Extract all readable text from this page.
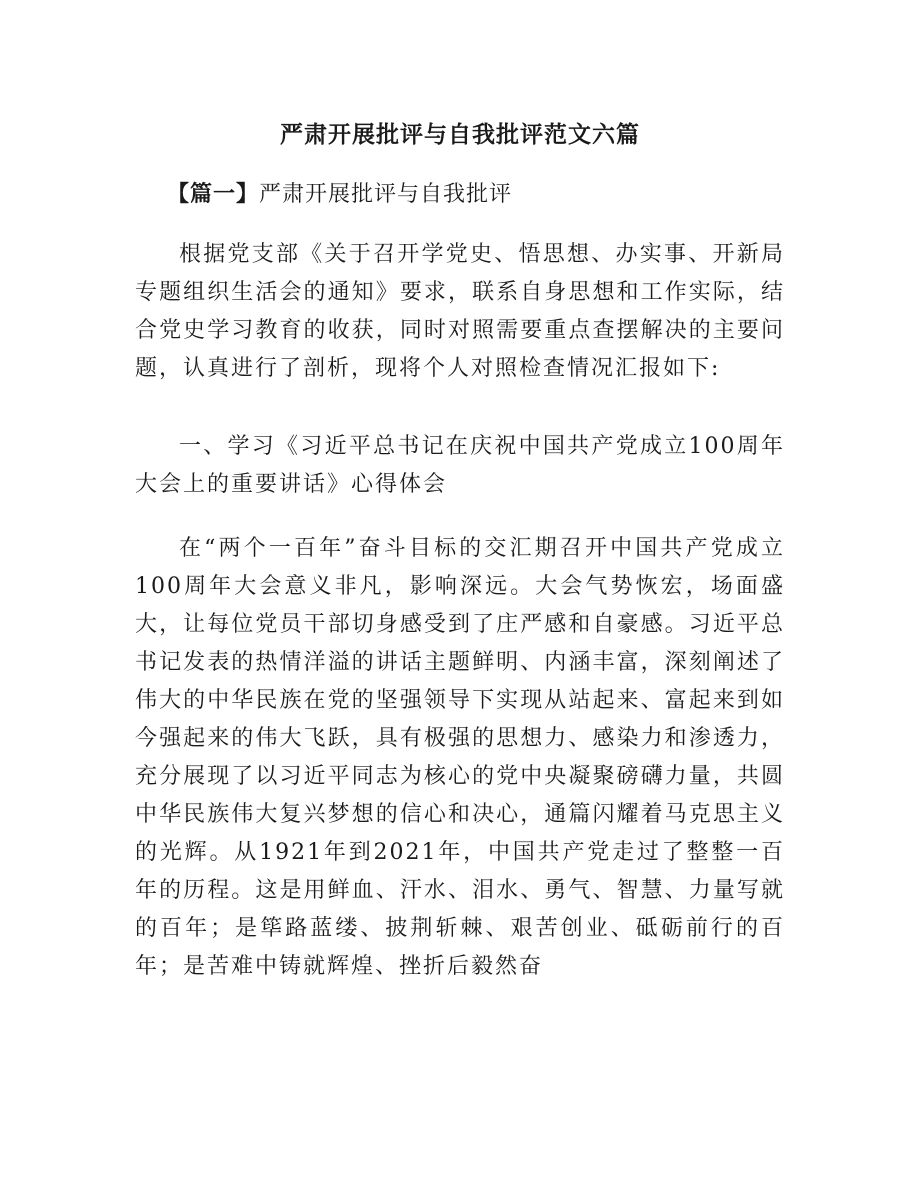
严肃开展批评与自我批评范文六篇
【篇一】严肃开展批评与自我批评

根据党支部《关于召开学党史、悟思想、办实事、开新局专题组织生活会的通知》要求，联系自身思想和工作实际，结合党史学习教育的收获，同时对照需要重点查摆解决的主要问题，认真进行了剖析，现将个人对照检查情况汇报如下:

一、学习《习近平总书记在庆祝中国共产党成立100周年大会上的重要讲话》心得体会

在“两个一百年”奋斗目标的交汇期召开中国共产党成立100周年大会意义非凡，影响深远。大会气势恢宏，场面盛大，让每位党员干部切身感受到了庄严感和自豪感。习近平总书记发表的热情洋溢的讲话主题鲜明、内涵丰富，深刻阐述了伟大的中华民族在党的坚强领导下实现从站起来、富起来到如今强起来的伟大飞跃，具有极强的思想力、感染力和渗透力，充分展现了以习近平同志为核心的党中央凝聚磅礴力量，共圆中华民族伟大复兴梦想的信心和决心，通篇闪耀着马克思主义的光辉。从1921年到2021年，中国共产党走过了整整一百年的历程。这是用鲜血、汗水、泪水、勇气、智慧、力量写就的百年；是筚路蓝缕、披荆斩棘、艰苦创业、砥砺前行的百年；是苦难中铸就辉煌、挫折后毅然奋
